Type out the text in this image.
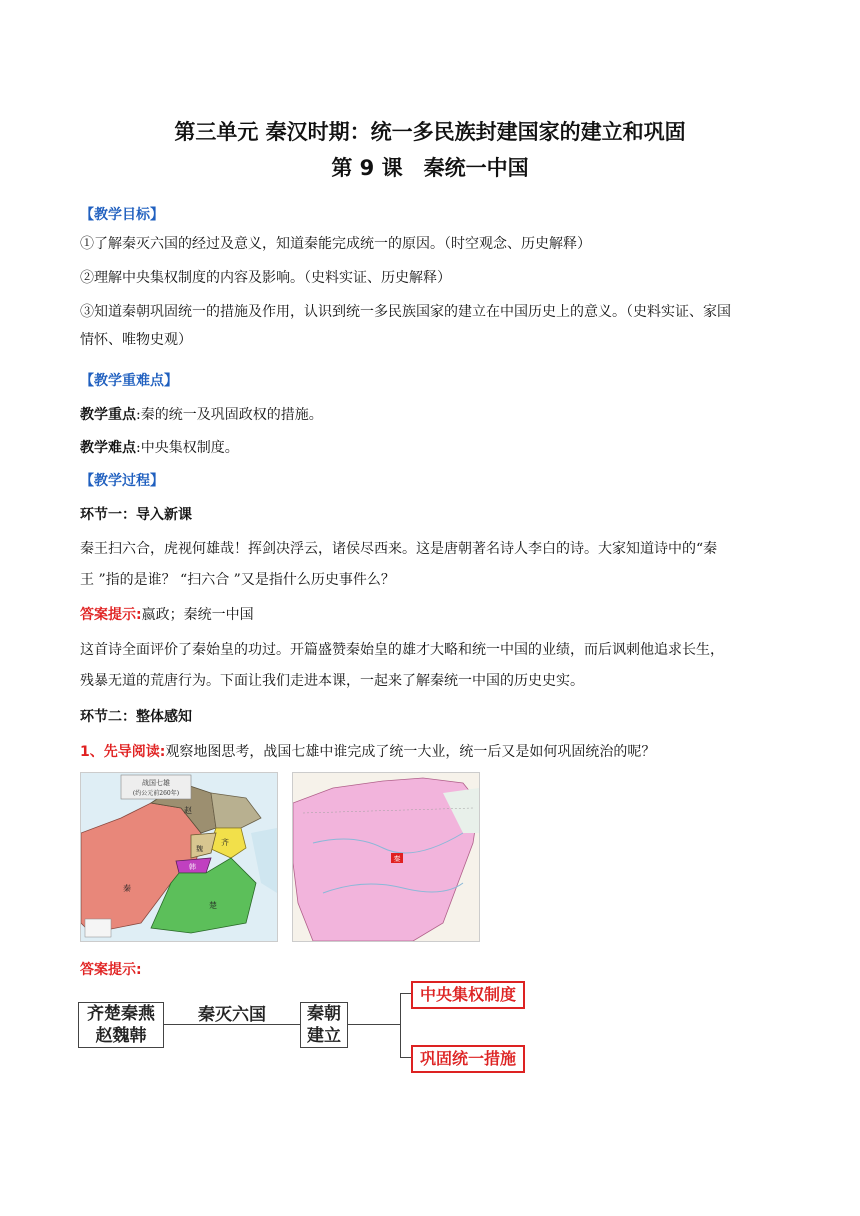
第三单元 秦汉时期：统一多民族封建国家的建立和巩固
第 9 课　秦统一中国
【教学目标】
①了解秦灭六国的经过及意义，知道秦能完成统一的原因。（时空观念、历史解释）
②理解中央集权制度的内容及影响。（史料实证、历史解释）
③知道秦朝巩固统一的措施及作用，认识到统一多民族国家的建立在中国历史上的意义。（史料实证、家国
情怀、唯物史观）
【教学重难点】
教学重点:秦的统一及巩固政权的措施。
教学难点:中央集权制度。
【教学过程】
环节一：导入新课
秦王扫六合，虎视何雄哉！挥剑决浮云，诸侯尽西来。这是唐朝著名诗人李白的诗。大家知道诗中的“秦
王 ”指的是谁？ “扫六合 ”又是指什么历史事件么？
答案提示:嬴政；秦统一中国
这首诗全面评价了秦始皇的功过。开篇盛赞秦始皇的雄才大略和统一中国的业绩，而后讽刺他追求长生，
残暴无道的荒唐行为。下面让我们走进本课，一起来了解秦统一中国的历史史实。
环节二：整体感知
1、先导阅读:观察地图思考，战国七雄中谁完成了统一大业，统一后又是如何巩固统治的呢？
战国七雄
(约公元前260年)
赵
齐
魏
韩
楚
秦
秦
答案提示:
齐楚秦燕
赵魏韩
秦灭六国	秦朝
建立
中央集权制度
巩固统一措施
